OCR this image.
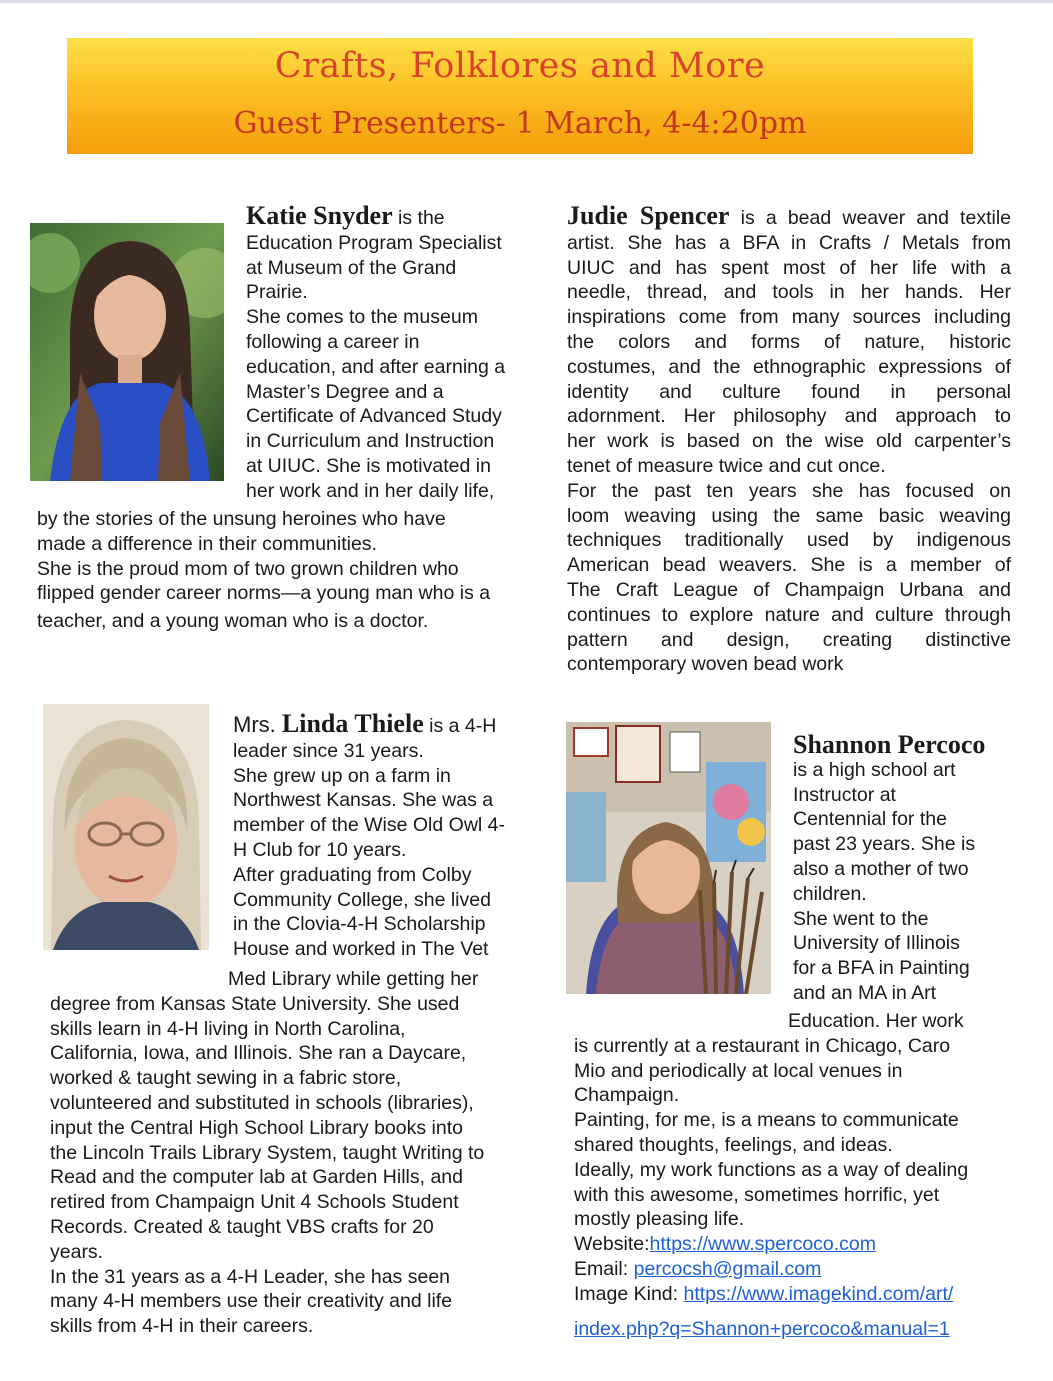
Crafts, Folklores and More
Guest Presenters- 1 March, 4-4:20pm

Katie Snyder is the

Education Program Specialist

at Museum of the Grand

Prairie.

She comes to the museum

following a career in

education, and after earning a

Master’s Degree and a

Certificate of Advanced Study

in Curriculum and Instruction

at UIUC. She is motivated in

her work and in her daily life,

by the stories of the unsung heroines who have

made a difference in their communities.

She is the proud mom of two grown children who

flipped gender career norms—a young man who is a

teacher, and a young woman who is a doctor.

Judie Spencer is a bead weaver and textile

artist. She has a BFA in Crafts / Metals from

UIUC and has spent most of her life with a

needle, thread, and tools in her hands. Her

inspirations come from many sources including

the colors and forms of nature, historic

costumes, and the ethnographic expressions of

identity and culture found in personal

adornment. Her philosophy and approach to

her work is based on the wise old carpenter’s

tenet of measure twice and cut once.

For the past ten years she has focused on

loom weaving using the same basic weaving

techniques traditionally used by indigenous

American bead weavers. She is a member of

The Craft League of Champaign Urbana and

continues to explore nature and culture through

pattern and design, creating distinctive

contemporary woven bead work

Mrs. Linda Thiele is a 4-H

leader since 31 years.

She grew up on a farm in

Northwest Kansas. She was a

member of the Wise Old Owl 4-

H Club for 10 years.

After graduating from Colby

Community College, she lived

in the Clovia-4-H Scholarship

House and worked in The Vet

Med Library while getting her

degree from Kansas State University. She used

skills learn in 4-H living in North Carolina,

California, Iowa, and Illinois. She ran a Daycare,

worked & taught sewing in a fabric store,

volunteered and substituted in schools (libraries),

input the Central High School Library books into

the Lincoln Trails Library System, taught Writing to

Read and the computer lab at Garden Hills, and

retired from Champaign Unit 4 Schools Student

Records. Created & taught VBS crafts for 20

years.

In the 31 years as a 4-H Leader, she has seen

many 4-H members use their creativity and life

skills from 4-H in their careers.

Shannon Percoco

is a high school art

Instructor at

Centennial for the

past 23 years. She is

also a mother of two

children.

She went to the

University of Illinois

for a BFA in Painting

and an MA in Art

Education. Her work

is currently at a restaurant in Chicago, Caro

Mio and periodically at local venues in

Champaign.

Painting, for me, is a means to communicate

shared thoughts, feelings, and ideas.

Ideally, my work functions as a way of dealing

with this awesome, sometimes horrific, yet

mostly pleasing life.

Website:https://www.spercoco.com

Email: percocsh@gmail.com

Image Kind: https://www.imagekind.com/art/

index.php?q=Shannon+percoco&manual=1
